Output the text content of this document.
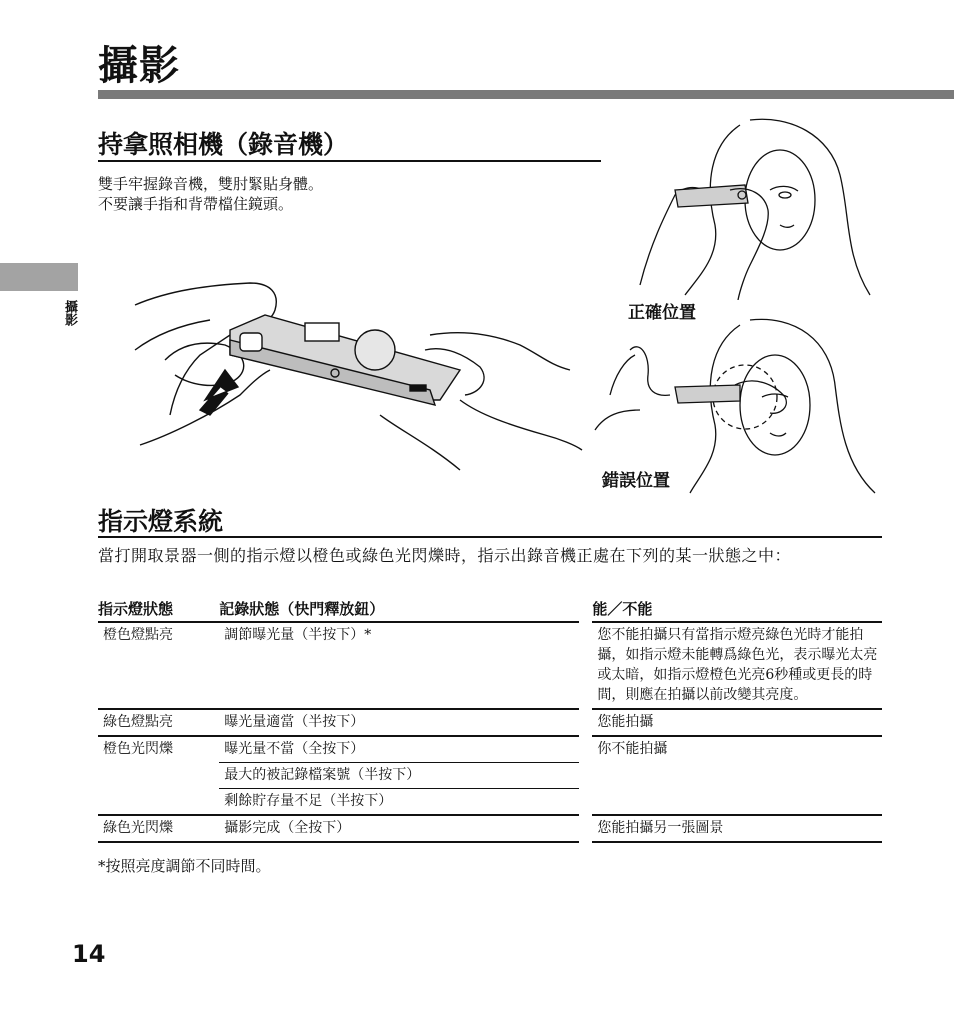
攝影
攝影
持拿照相機（錄音機）
雙手牢握錄音機，雙肘緊貼身體。
不要讓手指和背帶檔住鏡頭。
正確位置
錯誤位置
指示燈系統
當打開取景器一側的指示燈以橙色或綠色光閃爍時，指示出錄音機正處在下列的某一狀態之中：
指示燈狀態	記錄狀態（快門釋放鈕）		能／不能
橙色燈點亮	調節曝光量（半按下）*		您不能拍攝只有當指示燈亮綠色光時才能拍攝，如指示燈未能轉爲綠色光，表示曝光太亮或太暗，如指示燈橙色光亮6秒種或更長的時間，則應在拍攝以前改變其亮度。
綠色燈點亮	曝光量適當（半按下）		您能拍攝
橙色光閃爍	曝光量不當（全按下）		你不能拍攝
	最大的被記錄檔案號（半按下）		
	剩餘貯存量不足（半按下）		
綠色光閃爍	攝影完成（全按下）		您能拍攝另一張圖景
*按照亮度調節不同時間。
14
